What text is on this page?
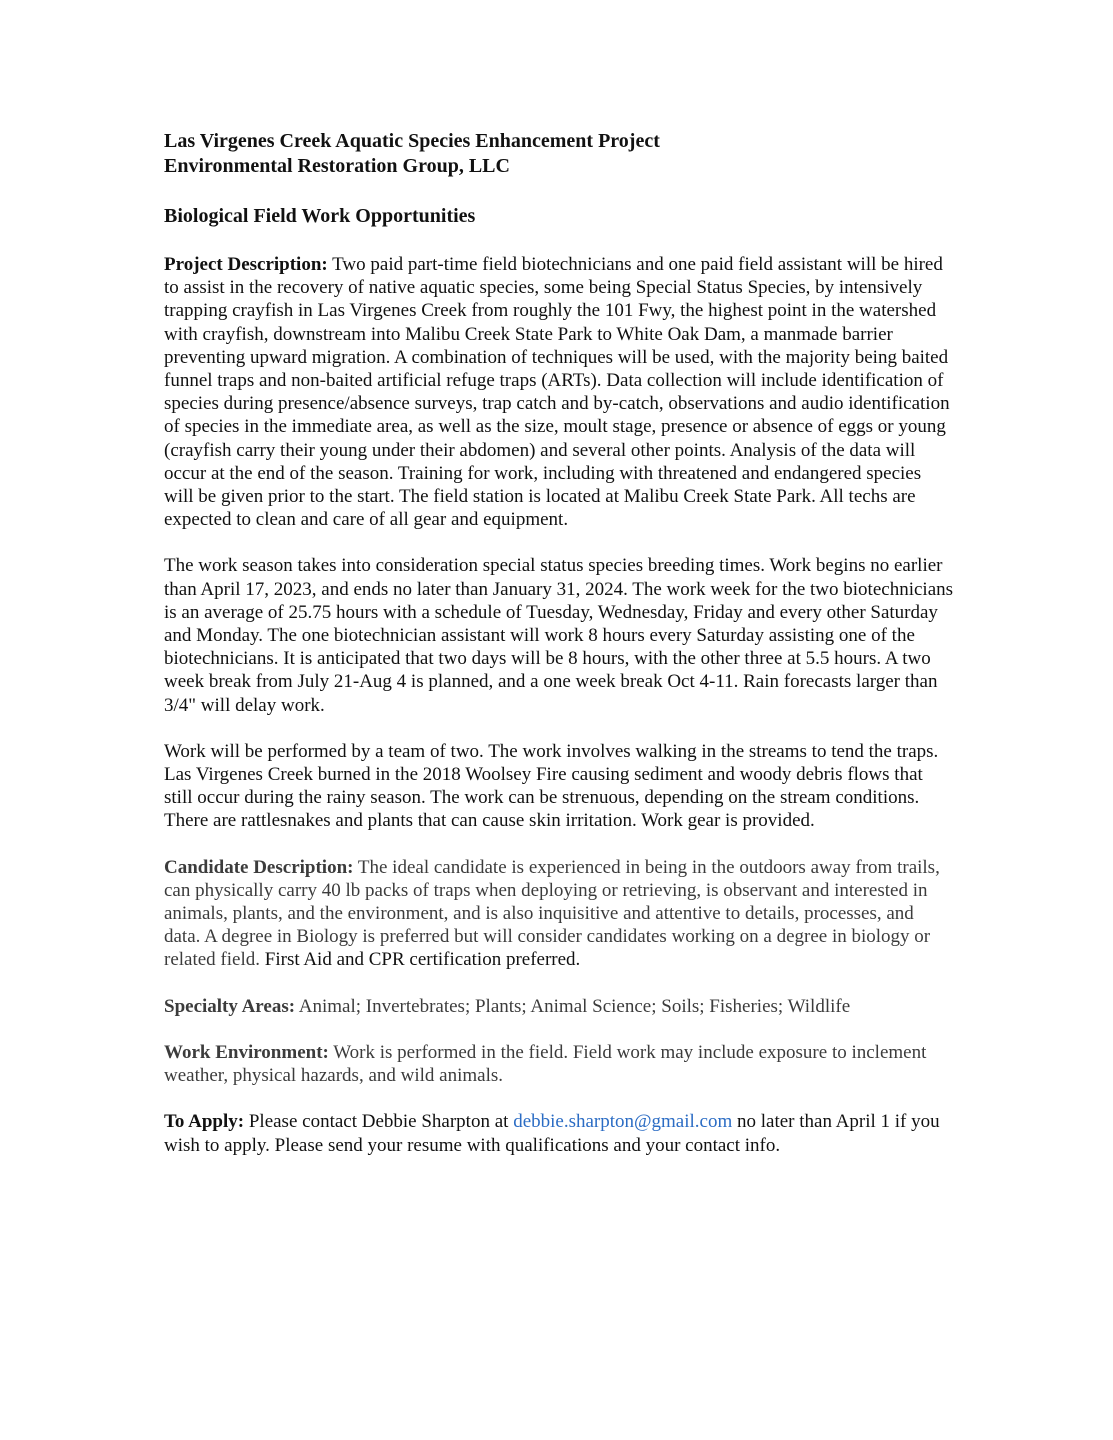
Las Virgenes Creek Aquatic Species Enhancement Project
Environmental Restoration Group, LLC
Biological Field Work Opportunities

Project Description: Two paid part-time field biotechnicians and one paid field assistant will be hired to assist in the recovery of native aquatic species, some being Special Status Species, by intensively trapping crayfish in Las Virgenes Creek from roughly the 101 Fwy, the highest point in the watershed with crayfish, downstream into Malibu Creek State Park to White Oak Dam, a manmade barrier preventing upward migration. A combination of techniques will be used, with the majority being baited funnel traps and non-baited artificial refuge traps (ARTs). Data collection will include identification of species during presence/absence surveys, trap catch and by-catch, observations and audio identification of species in the immediate area, as well as the size, moult stage, presence or absence of eggs or young (crayfish carry their young under their abdomen) and several other points. Analysis of the data will occur at the end of the season. Training for work, including with threatened and endangered species will be given prior to the start. The field station is located at Malibu Creek State Park. All techs are expected to clean and care of all gear and equipment.

The work season takes into consideration special status species breeding times. Work begins no earlier than April 17, 2023, and ends no later than January 31, 2024. The work week for the two biotechnicians is an average of 25.75 hours with a schedule of Tuesday, Wednesday, Friday and every other Saturday and Monday. The one biotechnician assistant will work 8 hours every Saturday assisting one of the biotechnicians. It is anticipated that two days will be 8 hours, with the other three at 5.5 hours. A two week break from July 21-Aug 4 is planned, and a one week break Oct 4-11. Rain forecasts larger than 3/4" will delay work.

Work will be performed by a team of two. The work involves walking in the streams to tend the traps. Las Virgenes Creek burned in the 2018 Woolsey Fire causing sediment and woody debris flows that still occur during the rainy season. The work can be strenuous, depending on the stream conditions. There are rattlesnakes and plants that can cause skin irritation. Work gear is provided.

Candidate Description: The ideal candidate is experienced in being in the outdoors away from trails, can physically carry 40 lb packs of traps when deploying or retrieving, is observant and interested in animals, plants, and the environment, and is also inquisitive and attentive to details, processes, and data. A degree in Biology is preferred but will consider candidates working on a degree in biology or related field. First Aid and CPR certification preferred.

Specialty Areas: Animal; Invertebrates; Plants; Animal Science; Soils; Fisheries; Wildlife

Work Environment: Work is performed in the field. Field work may include exposure to inclement weather, physical hazards, and wild animals.

To Apply: Please contact Debbie Sharpton at debbie.sharpton@gmail.com no later than April 1 if you wish to apply. Please send your resume with qualifications and your contact info.
